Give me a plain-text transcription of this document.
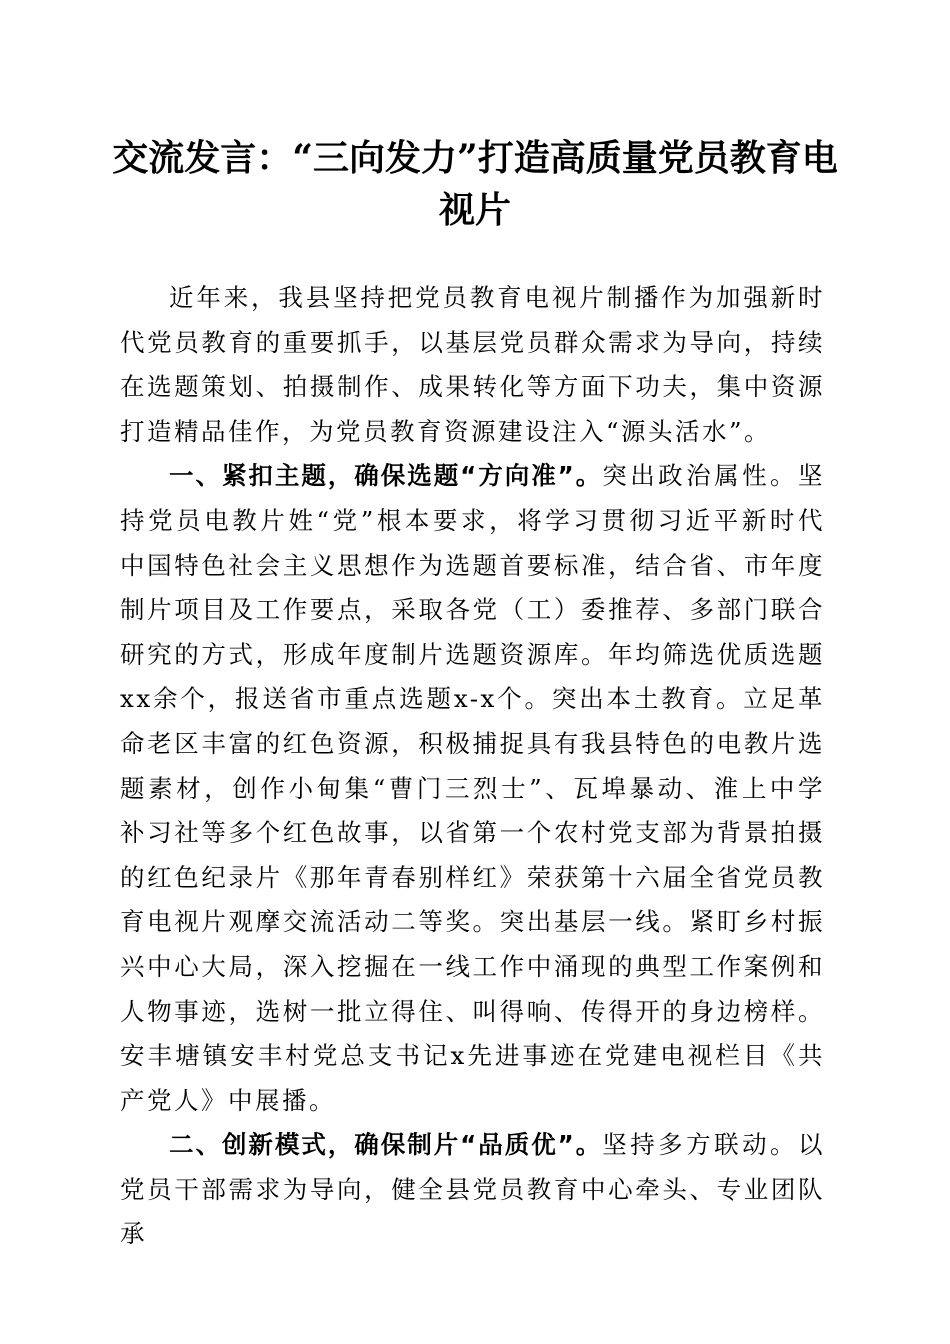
交流发言：“三向发力”打造高质量党员教育电视片

近年来，我县坚持把党员教育电视片制播作为加强新时代党员教育的重要抓手，以基层党员群众需求为导向，持续在选题策划、拍摄制作、成果转化等方面下功夫，集中资源打造精品佳作，为党员教育资源建设注入“源头活水”。

一、紧扣主题，确保选题“方向准”。突出政治属性。坚持党员电教片姓“党”根本要求，将学习贯彻习近平新时代中国特色社会主义思想作为选题首要标准，结合省、市年度制片项目及工作要点，采取各党（工）委推荐、多部门联合研究的方式，形成年度制片选题资源库。年均筛选优质选题xx余个，报送省市重点选题x-x个。突出本土教育。立足革命老区丰富的红色资源，积极捕捉具有我县特色的电教片选题素材，创作小甸集“曹门三烈士”、瓦埠暴动、淮上中学补习社等多个红色故事，以省第一个农村党支部为背景拍摄的红色纪录片《那年青春别样红》荣获第十六届全省党员教育电视片观摩交流活动二等奖。突出基层一线。紧盯乡村振兴中心大局，深入挖掘在一线工作中涌现的典型工作案例和人物事迹，选树一批立得住、叫得响、传得开的身边榜样。安丰塘镇安丰村党总支书记x先进事迹在党建电视栏目《共产党人》中展播。

二、创新模式，确保制片“品质优”。坚持多方联动。以党员干部需求为导向，健全县党员教育中心牵头、专业团队承
